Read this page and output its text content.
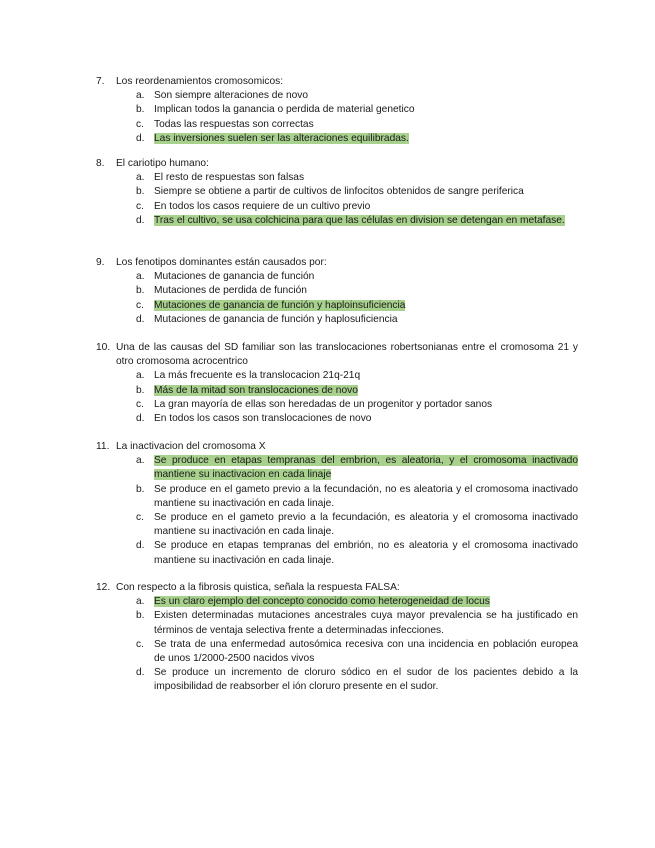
7.	Los reordenamientos cromosomicos:
a. Son siempre alteraciones de novo
b. Implican todos la ganancia o perdida de material genetico
c. Todas las respuestas son correctas
d. Las inversiones suelen ser las alteraciones equilibradas.
8.	El cariotipo humano:
a. El resto de respuestas son falsas
b. Siempre se obtiene a partir de cultivos de linfocitos obtenidos de sangre periferica
c. En todos los casos requiere de un cultivo previo
d. Tras el cultivo, se usa colchicina para que las células en division se detengan en metafase.
9.	Los fenotipos dominantes están causados por:
a. Mutaciones de ganancia de función
b. Mutaciones de perdida de función
c. Mutaciones de ganancia de función y haploinsuficiencia
d. Mutaciones de ganancia de función y haplosuficiencia
10. Una de las causas del SD familiar son las translocaciones robertsonianas entre el cromosoma 21 y otro cromosoma acrocentrico
a. La más frecuente es la translocacion 21q-21q
b. Más de la mitad son translocaciones de novo
c. La gran mayoría de ellas son heredadas de un progenitor y portador sanos
d. En todos los casos son translocaciones de novo
11. La inactivacion del cromosoma X
a. Se produce en etapas tempranas del embrion, es aleatoria, y el cromosoma inactivado mantiene su inactivacion en cada linaje
b. Se produce en el gameto previo a la fecundación, no es aleatoria y el cromosoma inactivado mantiene su inactivación en cada linaje.
c. Se produce en el gameto previo a la fecundación, es aleatoria y el cromosoma inactivado mantiene su inactivación en cada linaje.
d. Se produce en etapas tempranas del embrión, no es aleatoria y el cromosoma inactivado mantiene su inactivación en cada linaje.
12. Con respecto a la fibrosis quistica, señala la respuesta FALSA:
a. Es un claro ejemplo del concepto conocido como heterogeneidad de locus
b. Existen determinadas mutaciones ancestrales cuya mayor prevalencia se ha justificado en términos de ventaja selectiva frente a determinadas infecciones.
c. Se trata de una enfermedad autosómica recesiva con una incidencia en población europea de unos 1/2000-2500 nacidos vivos
d. Se produce un incremento de cloruro sódico en el sudor de los pacientes debido a la imposibilidad de reabsorber el ión cloruro presente en el sudor.
